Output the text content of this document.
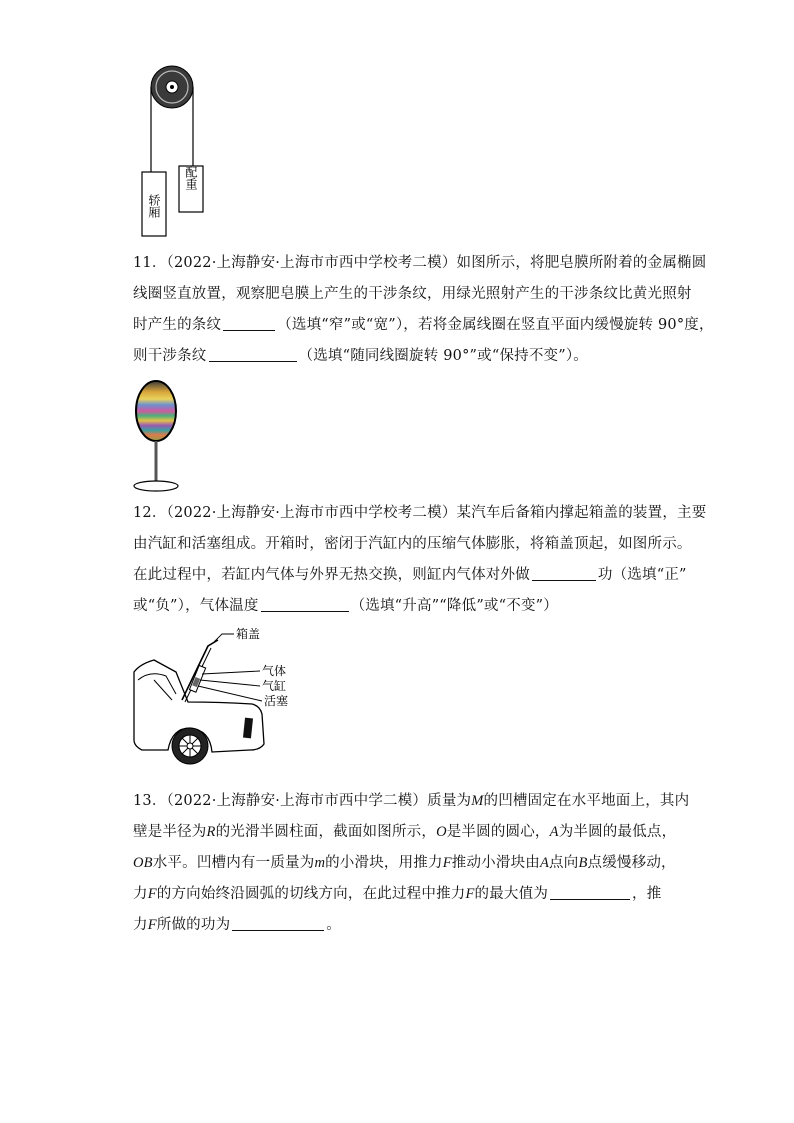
轿厢
配重

11．（2022·上海静安·上海市市西中学校考二模）如图所示，将肥皂膜所附着的金属椭圆

线圈竖直放置，观察肥皂膜上产生的干涉条纹，用绿光照射产生的干涉条纹比黄光照射

时产生的条纹	（选填“窄”或“宽”），若将金属线圈在竖直平面内缓慢旋转 90°度，

则干涉条纹	（选填“随同线圈旋转 90°”或“保持不变”）。

12．（2022·上海静安·上海市市西中学校考二模）某汽车后备箱内撑起箱盖的装置，主要

由汽缸和活塞组成。开箱时，密闭于汽缸内的压缩气体膨胀，将箱盖顶起，如图所示。

在此过程中，若缸内气体与外界无热交换，则缸内气体对外做	功（选填“正”

或“负”），气体温度	（选填“升高”“降低”或“不变”）

箱盖
气体
气缸
活塞

13．（2022·上海静安·上海市市西中学二模）质量为M的凹槽固定在水平地面上，其内

壁是半径为R的光滑半圆柱面，截面如图所示，O是半圆的圆心，A为半圆的最低点，

OB水平。凹槽内有一质量为m的小滑块，用推力F推动小滑块由A点向B点缓慢移动，

力F的方向始终沿圆弧的切线方向，在此过程中推力F的最大值为	，推

力F所做的功为	。
